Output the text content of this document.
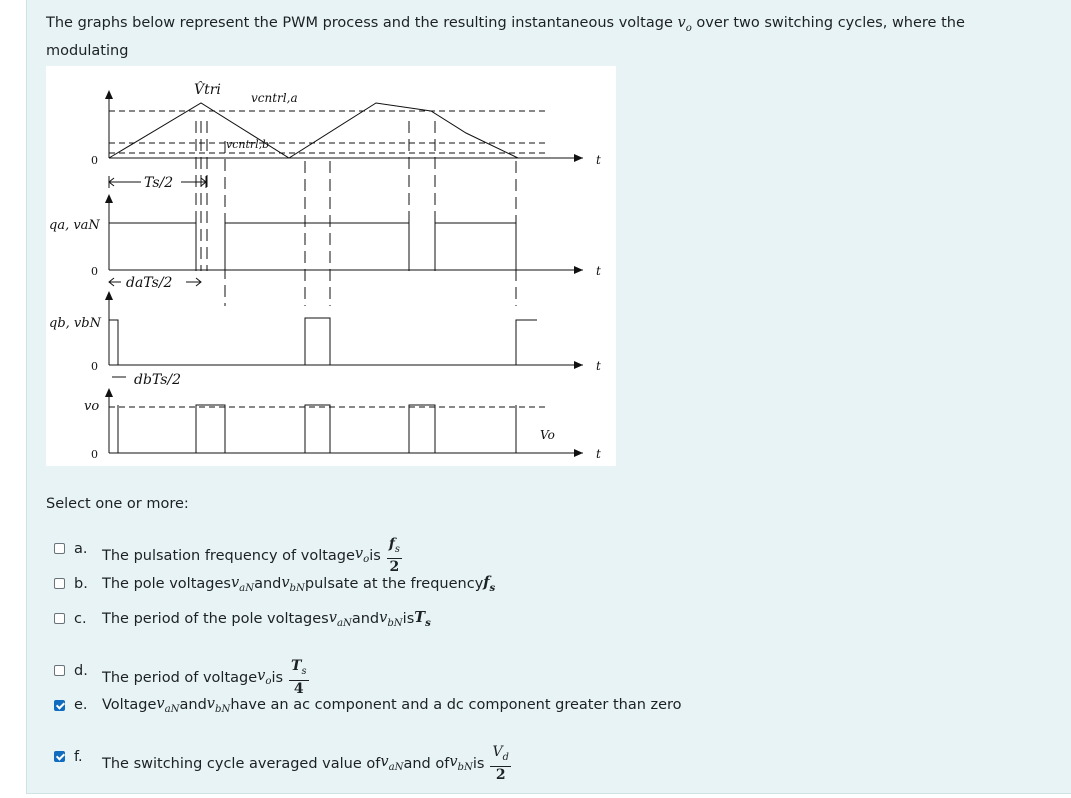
The graphs below represent the PWM process and the resulting instantaneous voltage $v_o$ over two switching cycles, where the modulating
V̂tri	vcntrl,a
vcntrl,b
0	t
Ts/2
qa, vaN
0	t
daTs/2
qb, vbN
0	t
dbTs/2
vo
Vo
0	t
Select one or more:
a.	The pulsation frequency of voltage $v_o$ is $\frac{f_s}{2}$
b. The pole voltages $v_{aN}$ and $v_{bN}$ pulsate at the frequency $f_s$
c.	The period of the pole voltages $v_{aN}$ and $v_{bN}$ is $T_s$
d. The period of voltage $v_o$ is $\frac{T_s}{4}$
e. Voltage $v_{aN}$ and $v_{bN}$ have an ac component and a dc component greater than zero
f.	The switching cycle averaged value of $v_{aN}$ and of $v_{bN}$ is $\frac{V_d}{2}$
